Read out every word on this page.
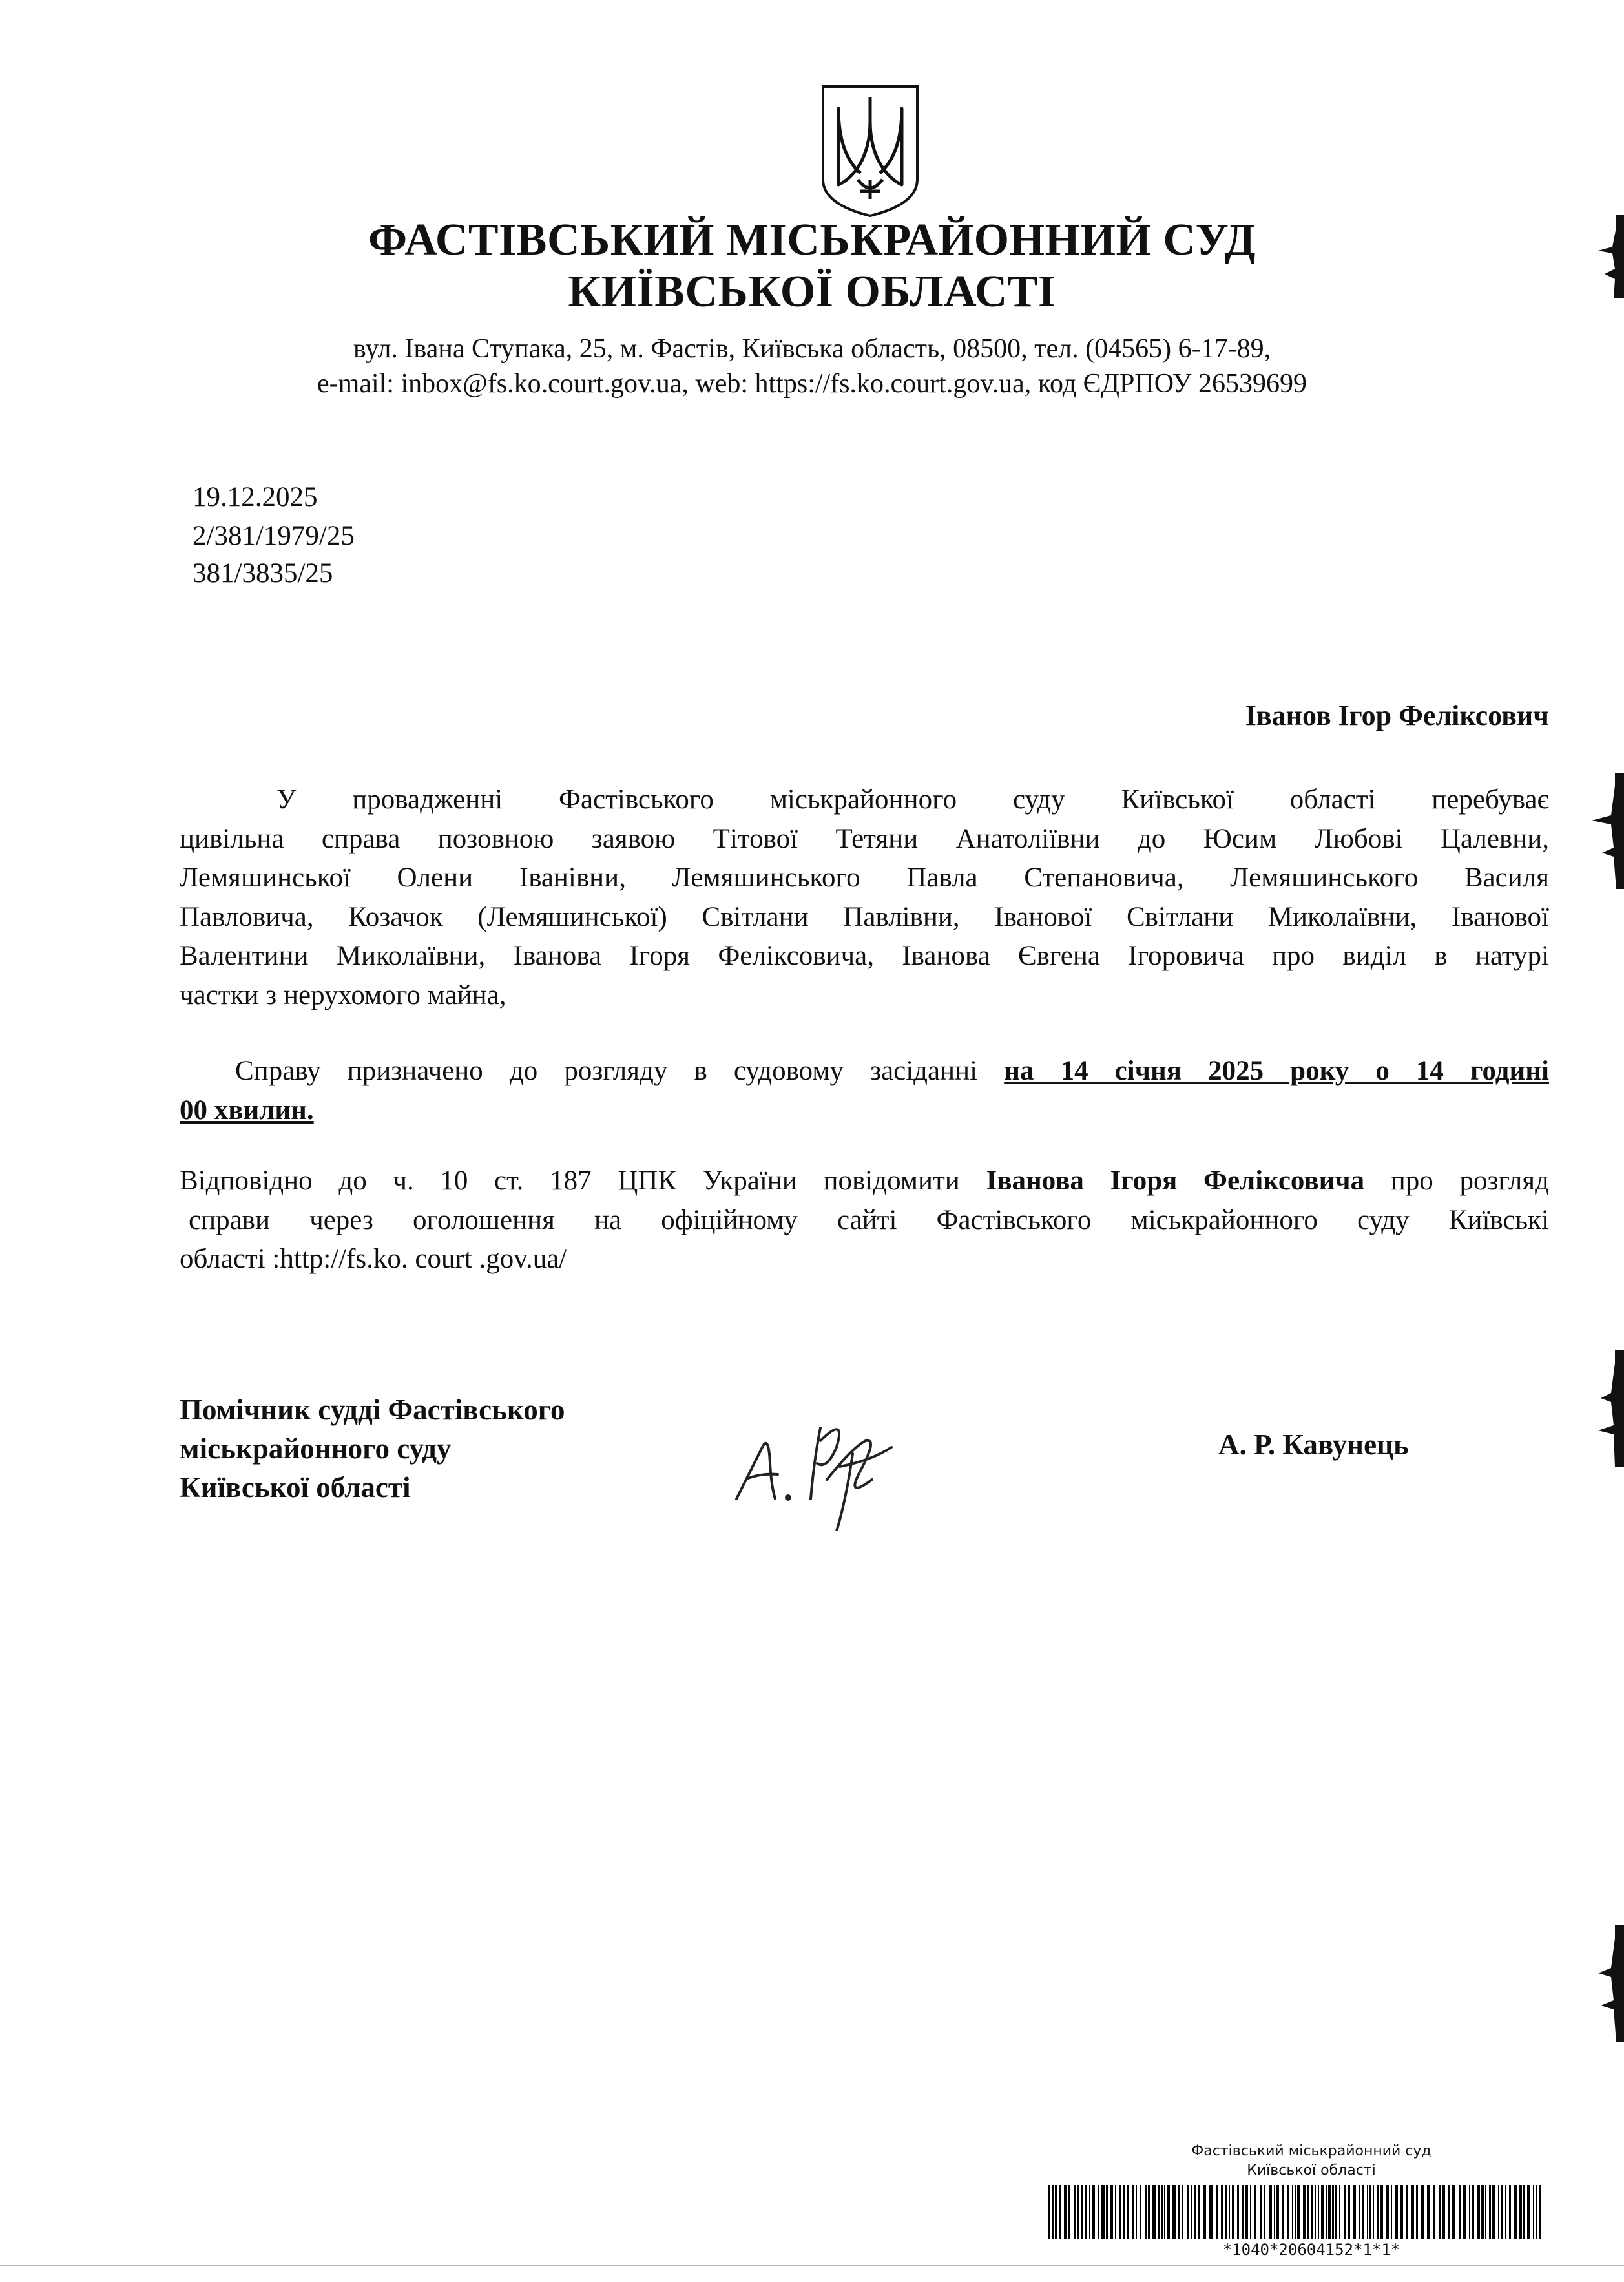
ФАСТІВСЬКИЙ МІСЬКРАЙОННИЙ СУД
КИЇВСЬКОЇ ОБЛАСТІ
вул. Івана Ступака, 25, м. Фастів, Київська область, 08500, тел. (04565) 6-17-89,
e-mail: inbox@fs.ko.court.gov.ua, web: https://fs.ko.court.gov.ua, код ЄДРПОУ 26539699
19.12.2025
2/381/1979/25
381/3835/25
Іванов Ігор Феліксович
У провадженні Фастівського міськрайонного суду Київської області перебуває
цивільна справа позовною заявою Тітової Тетяни Анатоліївни до Юсим Любові Цалевни,
Лемяшинської Олени Іванівни, Лемяшинського Павла Степановича, Лемяшинського Василя
Павловича, Козачок (Лемяшинської) Світлани Павлівни, Іванової Світлани Миколаївни, Іванової
Валентини Миколаївни, Іванова Ігоря Феліксовича, Іванова Євгена Ігоровича про виділ в натурі
частки з нерухомого майна,
Справу призначено до розгляду в судовому засіданні на 14 січня 2025 року о 14 годині
00 хвилин.
Відповідно до ч. 10 ст. 187 ЦПК України повідомити Іванова Ігоря Феліксовича про розгляд
справи через оголошення на офіційному сайті Фастівського міськрайонного суду Київські
області :http://fs.ko. court .gov.ua/
Помічник судді Фастівського
міськрайонного суду
Київської області
А. Р. Кавунець
Фастівський міськрайонний суд
Київської області
*1040*20604152*1*1*
